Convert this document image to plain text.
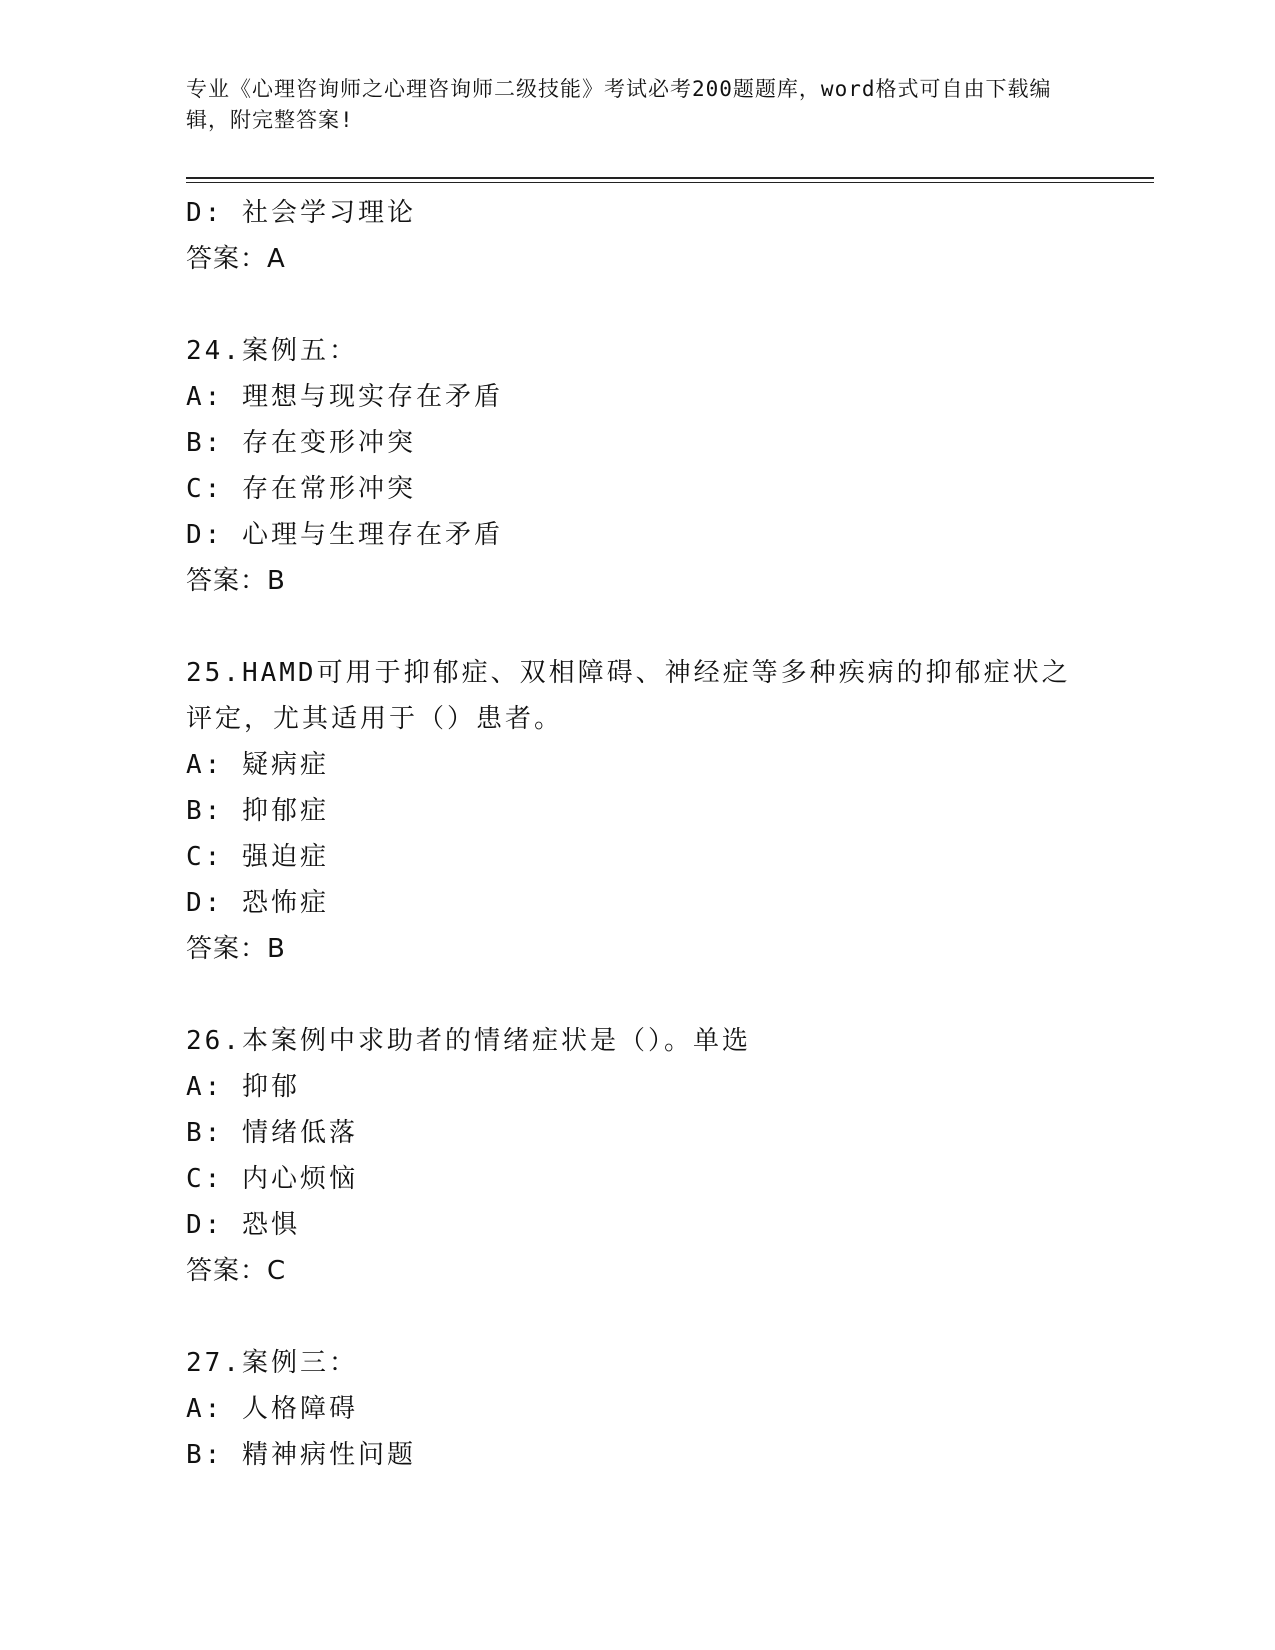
专业《心理咨询师之心理咨询师二级技能》考试必考200题题库，word格式可自由下载编辑，附完整答案!
D: 社会学习理论
答案：A
24.案例五：
A: 理想与现实存在矛盾
B: 存在变形冲突
C: 存在常形冲突
D: 心理与生理存在矛盾
答案：B
25.HAMD可用于抑郁症、双相障碍、神经症等多种疾病的抑郁症状之评定，尤其适用于（）患者。
A: 疑病症
B: 抑郁症
C: 强迫症
D: 恐怖症
答案：B
26.本案例中求助者的情绪症状是（）。单选
A: 抑郁
B: 情绪低落
C: 内心烦恼
D: 恐惧
答案：C
27.案例三：
A: 人格障碍
B: 精神病性问题
